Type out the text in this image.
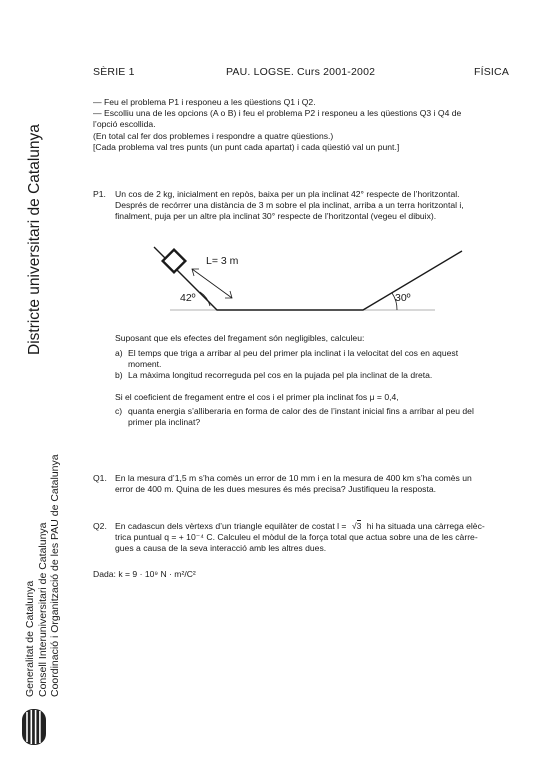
SÈRIE 1	PAU. LOGSE. Curs 2001-2002	FÍSICA
Districte universitari de Catalunya
Generalitat de Catalunya Consell Interuniversitari de Catalunya Coordinació i Organització de les PAU de Catalunya
— Feu el problema P1 i responeu a les qüestions Q1 i Q2.
— Escolliu una de les opcions (A o B) i feu el problema P2 i responeu a les qüestions Q3 i Q4 de
l’opció escollida.
(En total cal fer dos problemes i respondre a quatre qüestions.)
[Cada problema val tres punts (un punt cada apartat) i cada qüestió val un punt.]
P1. Un cos de 2 kg, inicialment en repòs, baixa per un pla inclinat 42° respecte de l’horitzontal.
Després de recórrer una distància de 3 m sobre el pla inclinat, arriba a un terra horitzontal i,
finalment, puja per un altre pla inclinat 30° respecte de l’horitzontal (vegeu el dibuix).
L= 3 m
42º	30º
Suposant que els efectes del fregament són negligibles, calculeu:
a) El temps que triga a arribar al peu del primer pla inclinat i la velocitat del cos en aquest
moment.
b) La màxima longitud recorreguda pel cos en la pujada pel pla inclinat de la dreta.
Si el coeficient de fregament entre el cos i el primer pla inclinat fos μ = 0,4,
c) quanta energia s’alliberaria en forma de calor des de l’instant inicial fins a arribar al peu del
primer pla inclinat?
Q1. En la mesura d’1,5 m s’ha comès un error de 10 mm i en la mesura de 400 km s’ha comès un
error de 400 m. Quina de les dues mesures és més precisa? Justifiqueu la resposta.
Q2. En cadascun dels vèrtexs d’un triangle equilàter de costat l = √3 hi ha situada una càrrega elèc-
trica puntual q = + 10⁻⁴ C. Calculeu el mòdul de la força total que actua sobre una de les càrre-
gues a causa de la seva interacció amb les altres dues.
Dada: k = 9 · 10⁹ N · m²/C²
